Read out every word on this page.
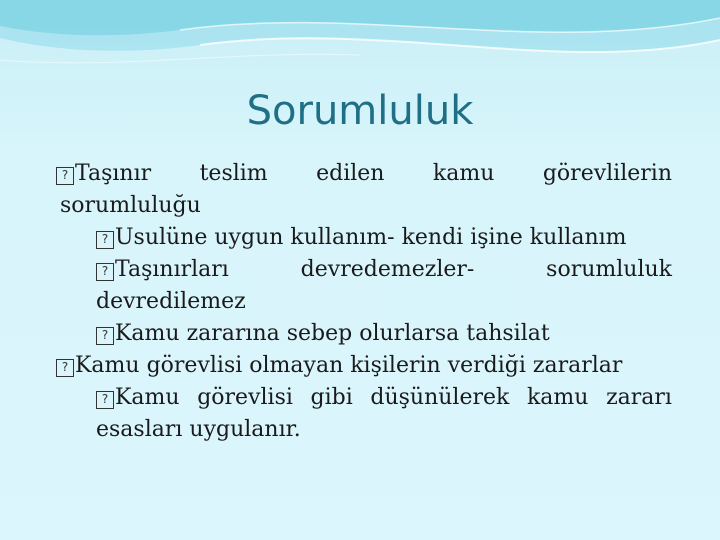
Sorumluluk
? Taşınır teslim edilen kamu görevlilerin
sorumluluğu
? Usulüne uygun kullanım- kendi işine kullanım
? Taşınırları	devredemezler-	sorumluluk
devredilemez
? Kamu zararına sebep olurlarsa tahsilat
? Kamu görevlisi olmayan kişilerin verdiği zararlar
? Kamu görevlisi gibi düşünülerek kamu zararı
esasları uygulanır.
